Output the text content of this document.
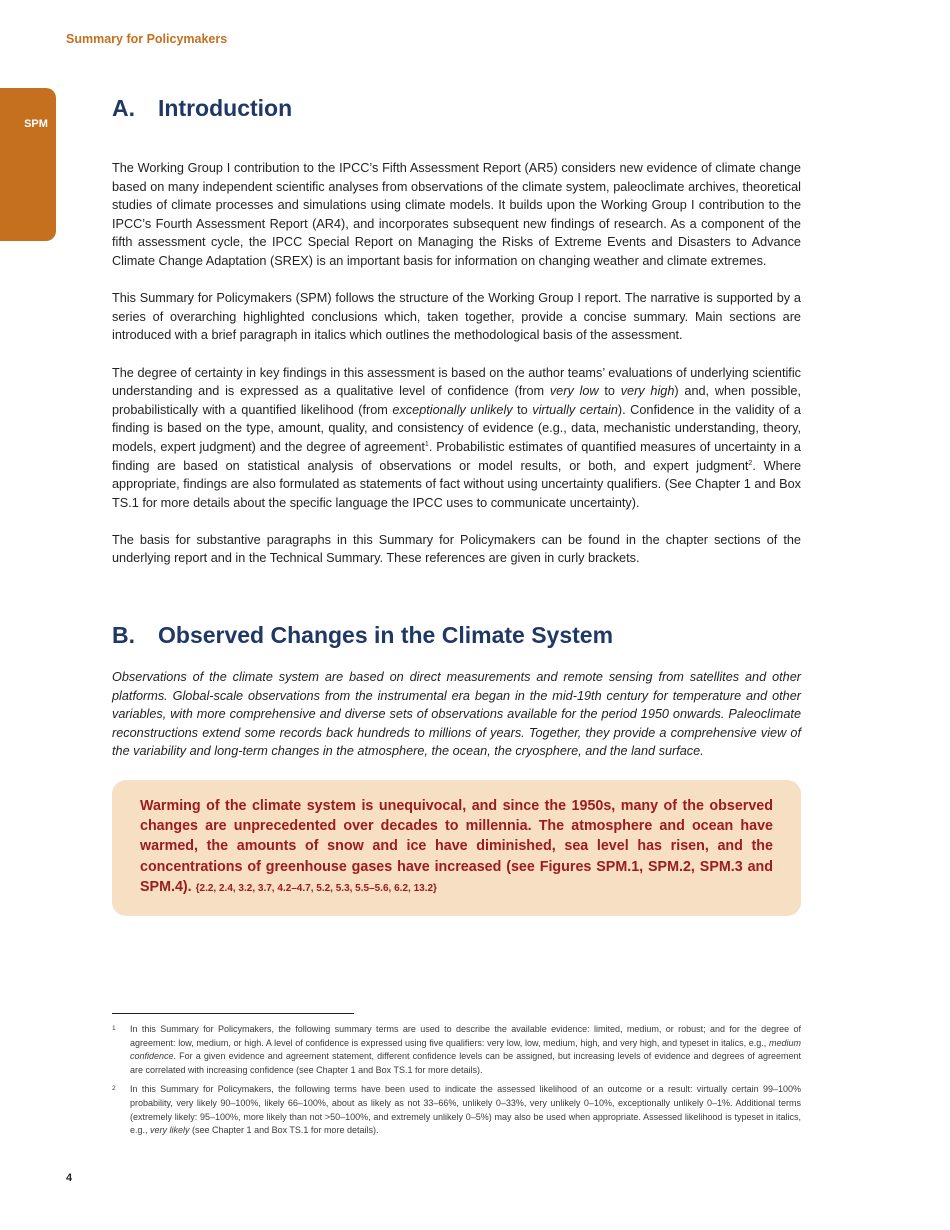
Summary for Policymakers
SPM
A. Introduction

The Working Group I contribution to the IPCC’s Fifth Assessment Report (AR5) considers new evidence of climate change based on many independent scientific analyses from observations of the climate system, paleoclimate archives, theoretical studies of climate processes and simulations using climate models. It builds upon the Working Group I contribution to the IPCC’s Fourth Assessment Report (AR4), and incorporates subsequent new findings of research. As a component of the fifth assessment cycle, the IPCC Special Report on Managing the Risks of Extreme Events and Disasters to Advance Climate Change Adaptation (SREX) is an important basis for information on changing weather and climate extremes.

This Summary for Policymakers (SPM) follows the structure of the Working Group I report. The narrative is supported by a series of overarching highlighted conclusions which, taken together, provide a concise summary. Main sections are introduced with a brief paragraph in italics which outlines the methodological basis of the assessment.

The degree of certainty in key findings in this assessment is based on the author teams’ evaluations of underlying scientific understanding and is expressed as a qualitative level of confidence (from very low to very high) and, when possible, probabilistically with a quantified likelihood (from exceptionally unlikely to virtually certain). Confidence in the validity of a finding is based on the type, amount, quality, and consistency of evidence (e.g., data, mechanistic understanding, theory, models, expert judgment) and the degree of agreement$^1$. Probabilistic estimates of quantified measures of uncertainty in a finding are based on statistical analysis of observations or model results, or both, and expert judgment$^2$. Where appropriate, findings are also formulated as statements of fact without using uncertainty qualifiers. (See Chapter 1 and Box TS.1 for more details about the specific language the IPCC uses to communicate uncertainty).

The basis for substantive paragraphs in this Summary for Policymakers can be found in the chapter sections of the underlying report and in the Technical Summary. These references are given in curly brackets.

B. Observed Changes in the Climate System
Observations of the climate system are based on direct measurements and remote sensing from satellites and other platforms. Global-scale observations from the instrumental era began in the mid-19th century for temperature and other variables, with more comprehensive and diverse sets of observations available for the period 1950 onwards. Paleoclimate reconstructions extend some records back hundreds to millions of years. Together, they provide a comprehensive view of the variability and long-term changes in the atmosphere, the ocean, the cryosphere, and the land surface.
Warming of the climate system is unequivocal, and since the 1950s, many of the observed changes are unprecedented over decades to millennia. The atmosphere and ocean have warmed, the amounts of snow and ice have diminished, sea level has risen, and the concentrations of greenhouse gases have increased (see Figures SPM.1, SPM.2, SPM.3 and SPM.4). {2.2, 2.4, 3.2, 3.7, 4.2–4.7, 5.2, 5.3, 5.5–5.6, 6.2, 13.2}
1 In this Summary for Policymakers, the following summary terms are used to describe the available evidence: limited, medium, or robust; and for the degree of agreement: low, medium, or high. A level of confidence is expressed using five qualifiers: very low, low, medium, high, and very high, and typeset in italics, e.g., medium confidence. For a given evidence and agreement statement, different confidence levels can be assigned, but increasing levels of evidence and degrees of agreement are correlated with increasing confidence (see Chapter 1 and Box TS.1 for more details).
2 In this Summary for Policymakers, the following terms have been used to indicate the assessed likelihood of an outcome or a result: virtually certain 99–100% probability, very likely 90–100%, likely 66–100%, about as likely as not 33–66%, unlikely 0–33%, very unlikely 0–10%, exceptionally unlikely 0–1%. Additional terms (extremely likely: 95–100%, more likely than not >50–100%, and extremely unlikely 0–5%) may also be used when appropriate. Assessed likelihood is typeset in italics, e.g., very likely (see Chapter 1 and Box TS.1 for more details).
4
